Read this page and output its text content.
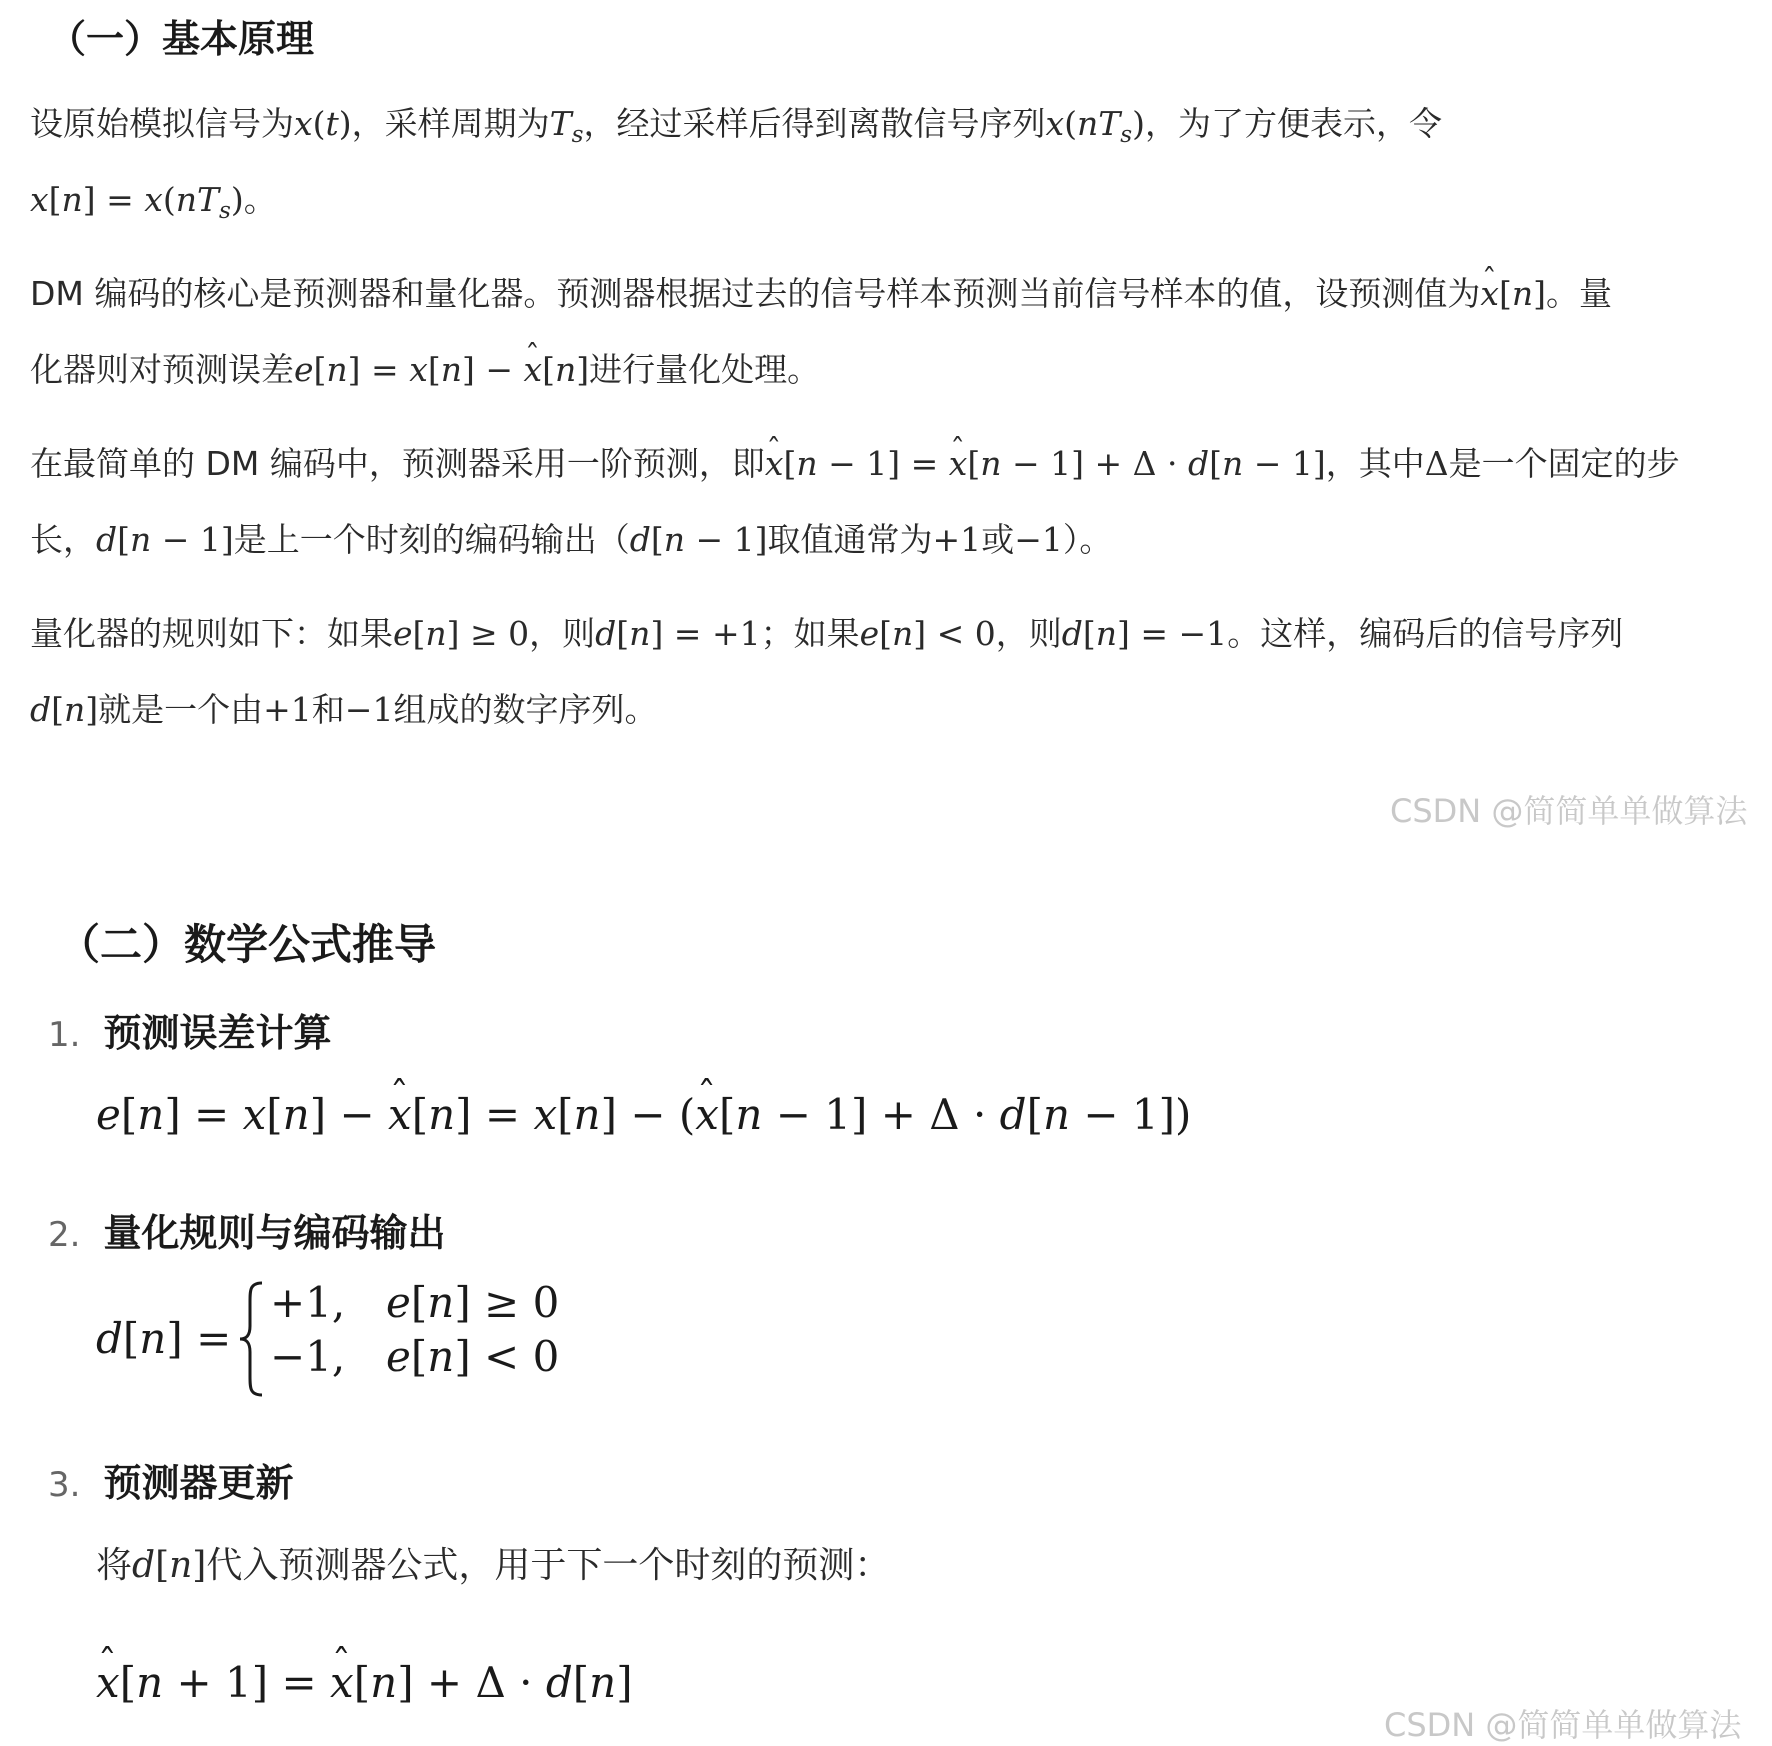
（一）基本原理
设原始模拟信号为x(t)，采样周期为$T_s$，经过采样后得到离散信号序列$x(nT_s)$，为了方便表示，令
$x[n] = x(nT_s)$。
DM 编码的核心是预测器和量化器。预测器根据过去的信号样本预测当前信号样本的值，设预测值为ˆ x[n]。量
化器则对预测误差e[n] = x[n] − ˆ x[n]进行量化处理。
在最简单的 DM 编码中，预测器采用一阶预测，即ˆ x[n − 1] = ˆ x[n − 1] + Δ · d[n − 1]，其中Δ是一个固定的步
长，d[n − 1]是上一个时刻的编码输出（d[n − 1]取值通常为+1或−1）。
量化器的规则如下：如果e[n] ≥ 0，则d[n] = +1；如果e[n] < 0，则d[n] = −1。这样，编码后的信号序列
d[n]就是一个由+1和−1组成的数字序列。
CSDN @简简单单做算法
（二）数学公式推导
1. 预测误差计算
e[n] = x[n] − ˆ x[n] = x[n] − (ˆ x[n − 1] + Δ · d[n − 1])
2. 量化规则与编码输出
d[n] =
+1, e[n] ≥ 0
−1, e[n] < 0
3. 预测器更新
将d[n]代入预测器公式，用于下一个时刻的预测：
ˆ x[n + 1] = ˆ x[n] + Δ · d[n]
CSDN @简简单单做算法
